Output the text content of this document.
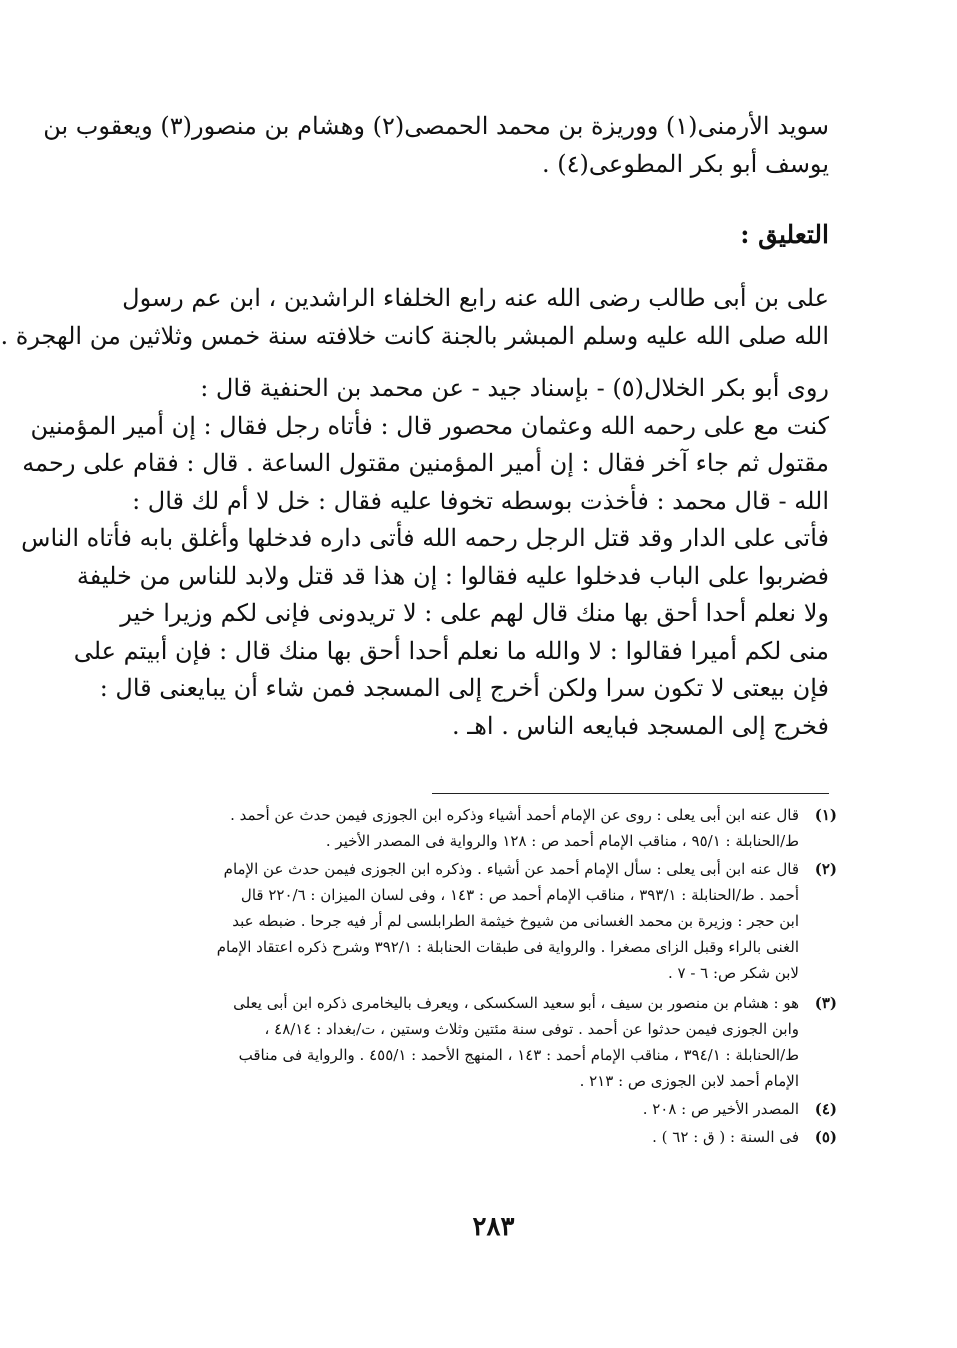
سويد الأرمنى(١) ووريزة بن محمد الحمصى(٢) وهشام بن منصور(٣) ويعقوب بن
يوسف أبو بكر المطوعى(٤) .
التعليق :
على بن أبى طالب رضى الله عنه رابع الخلفاء الراشدين ، ابن عم رسول
الله صلى الله عليه وسلم المبشر بالجنة كانت خلافته سنة خمس وثلاثين من الهجرة .
روى أبو بكر الخلال(٥) - بإسناد جيد - عن محمد بن الحنفية قال :
كنت مع على رحمه الله وعثمان محصور قال : فأتاه رجل فقال : إن أمير المؤمنين
مقتول ثم جاء آخر فقال : إن أمير المؤمنين مقتول الساعة . قال : فقام على رحمه
الله - قال محمد : فأخذت بوسطه تخوفا عليه فقال : خل لا أم لك قال :
فأتى على الدار وقد قتل الرجل رحمه الله فأتى داره فدخلها وأغلق بابه فأتاه الناس
فضربوا على الباب فدخلوا عليه فقالوا : إن هذا قد قتل ولابد للناس من خليفة
ولا نعلم أحدا أحق بها منك قال لهم على : لا تريدونى فإنى لكم وزيرا خير
منى لكم أميرا فقالوا : لا والله ما نعلم أحدا أحق بها منك قال : فإن أبيتم على
فإن بيعتى لا تكون سرا ولكن أخرج إلى المسجد فمن شاء أن يبايعنى قال :
فخرج إلى المسجد فبايعه الناس . اهـ .
(١)
قال عنه ابن أبى يعلى : روى عن الإمام أحمد أشياء وذكره ابن الجوزى فيمن حدث عن أحمد .
ط/الحنابلة : ٩٥/١ ، مناقب الإمام أحمد ص : ١٢٨ والرواية فى المصدر الأخير .
(٢)
قال عنه ابن أبى يعلى : سأل الإمام أحمد عن أشياء . وذكره ابن الجوزى فيمن حدث عن الإمام
أحمد . ط/الحنابلة : ٣٩٣/١ ، مناقب الإمام أحمد ص : ١٤٣ ، وفى لسان الميزان : ٢٢٠/٦ قال
ابن حجر : وزيرة بن محمد الغسانى من شيوخ خيثمة الطرابلسى لم أر فيه جرحا . ضبطه عبد
الغنى بالراء وقبل الزاى مصغرا . والرواية فى طبقات الحنابلة : ٣٩٢/١ وشرح ذكره اعتقاد الإمام
لابن شكر ص: ٦ - ٧ .
(٣)
هو : هشام بن منصور بن سيف ، أبو سعيد السكسكى ، ويعرف باليخامرى ذكره ابن أبى يعلى
وابن الجوزى فيمن حدثوا عن أحمد . توفى سنة مئتين وثلاث وستين ، ت/بغداد : ٤٨/١٤ ،
ط/الحنابلة : ٣٩٤/١ ، مناقب الإمام أحمد : ١٤٣ ، المنهج الأحمد : ٤٥٥/١ . والرواية فى مناقب
الإمام أحمد لابن الجوزى ص : ٢١٣ .
(٤)
المصدر الأخير ص : ٢٠٨ .
(٥)
فى السنة : ( ق : ٦٢ ) .
٢٨٣
